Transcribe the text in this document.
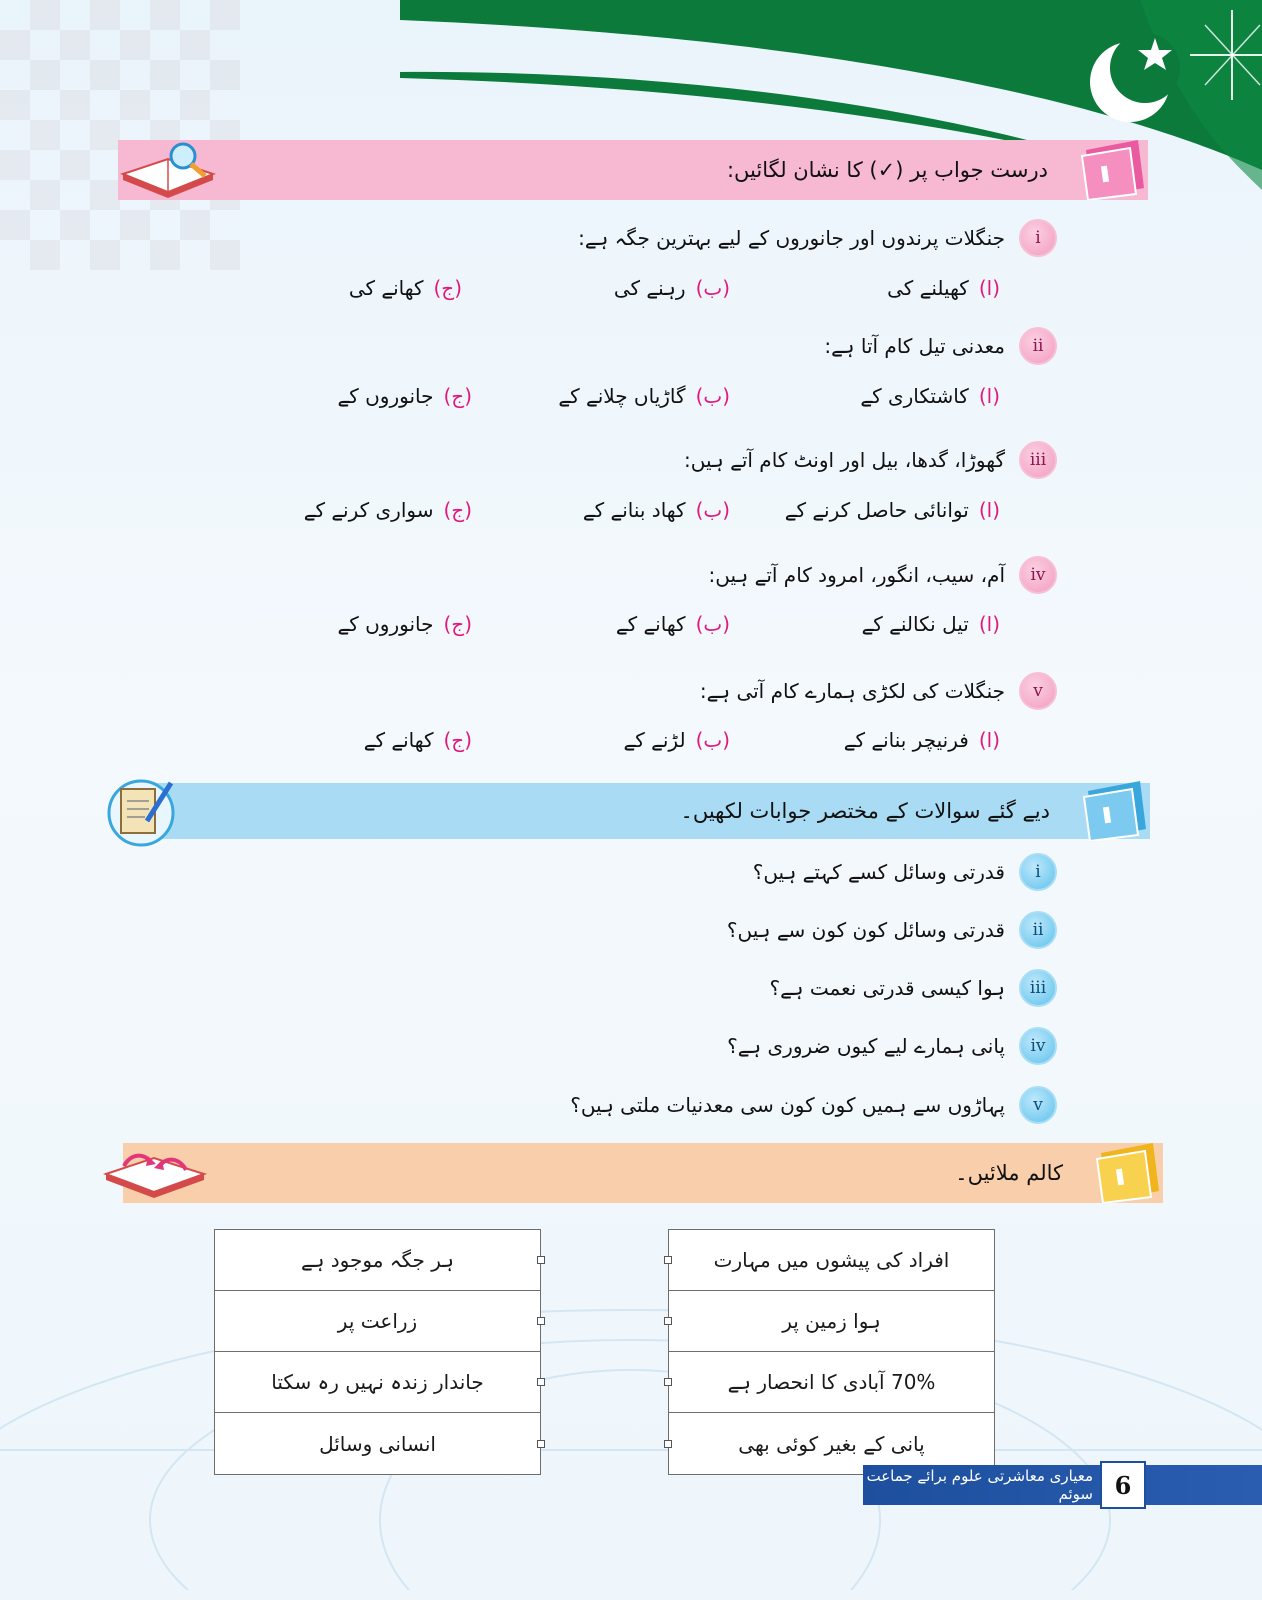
درست جواب پر (✓) کا نشان لگائیں:
i
جنگلات پرندوں اور جانوروں کے لیے بہترین جگہ ہے:
(ا)
کھیلنے کی
(ب)
رہنے کی
(ج)
کھانے کی
ii
معدنی تیل کام آتا ہے:
(ا)
کاشتکاری کے
(ب)
گاڑیاں چلانے کے
(ج)
جانوروں کے
iii
گھوڑا، گدھا، بیل اور اونٹ کام آتے ہیں:
(ا)
توانائی حاصل کرنے کے
(ب)
کھاد بنانے کے
(ج)
سواری کرنے کے
iv
آم، سیب، انگور، امرود کام آتے ہیں:
(ا)
تیل نکالنے کے
(ب)
کھانے کے
(ج)
جانوروں کے
v
جنگلات کی لکڑی ہمارے کام آتی ہے:
(ا)
فرنیچر بنانے کے
(ب)
لڑنے کے
(ج)
کھانے کے
دیے گئے سوالات کے مختصر جوابات لکھیں۔
i
قدرتی وسائل کسے کہتے ہیں؟
ii
قدرتی وسائل کون کون سے ہیں؟
iii
ہوا کیسی قدرتی نعمت ہے؟
iv
پانی ہمارے لیے کیوں ضروری ہے؟
v
پہاڑوں سے ہمیں کون کون سی معدنیات ملتی ہیں؟
کالم ملائیں۔
افراد کی پیشوں میں مہارت
ہوا زمین پر
70% آبادی کا انحصار ہے
پانی کے بغیر کوئی بھی
ہر جگہ موجود ہے
زراعت پر
جاندار زندہ نہیں رہ سکتا
انسانی وسائل
معیاری معاشرتی علوم برائے جماعت سوئم 6
